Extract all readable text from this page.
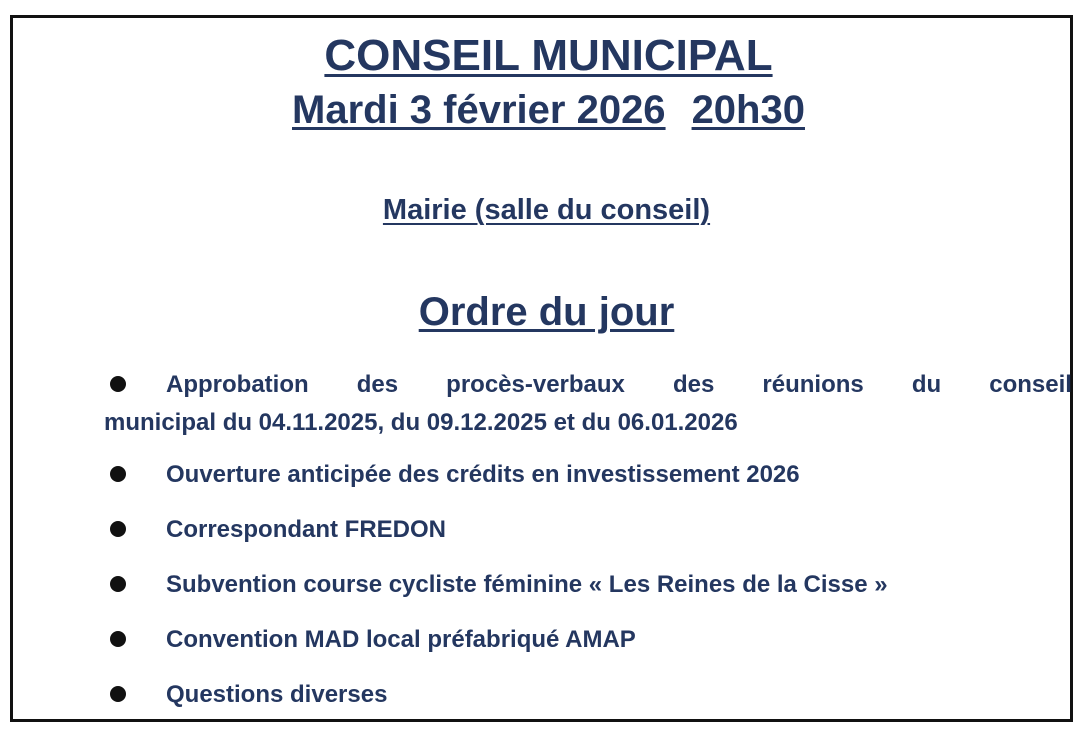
CONSEIL MUNICIPAL
Mardi 3 février 2026 20h30
Mairie (salle du conseil)
Ordre du jour
Approbation des procès-verbaux des réunions du conseil
municipal du 04.11.2025, du 09.12.2025 et du 06.01.2026
Ouverture anticipée des crédits en investissement 2026
Correspondant FREDON
Subvention course cycliste féminine « Les Reines de la Cisse »
Convention MAD local préfabriqué AMAP
Questions diverses
